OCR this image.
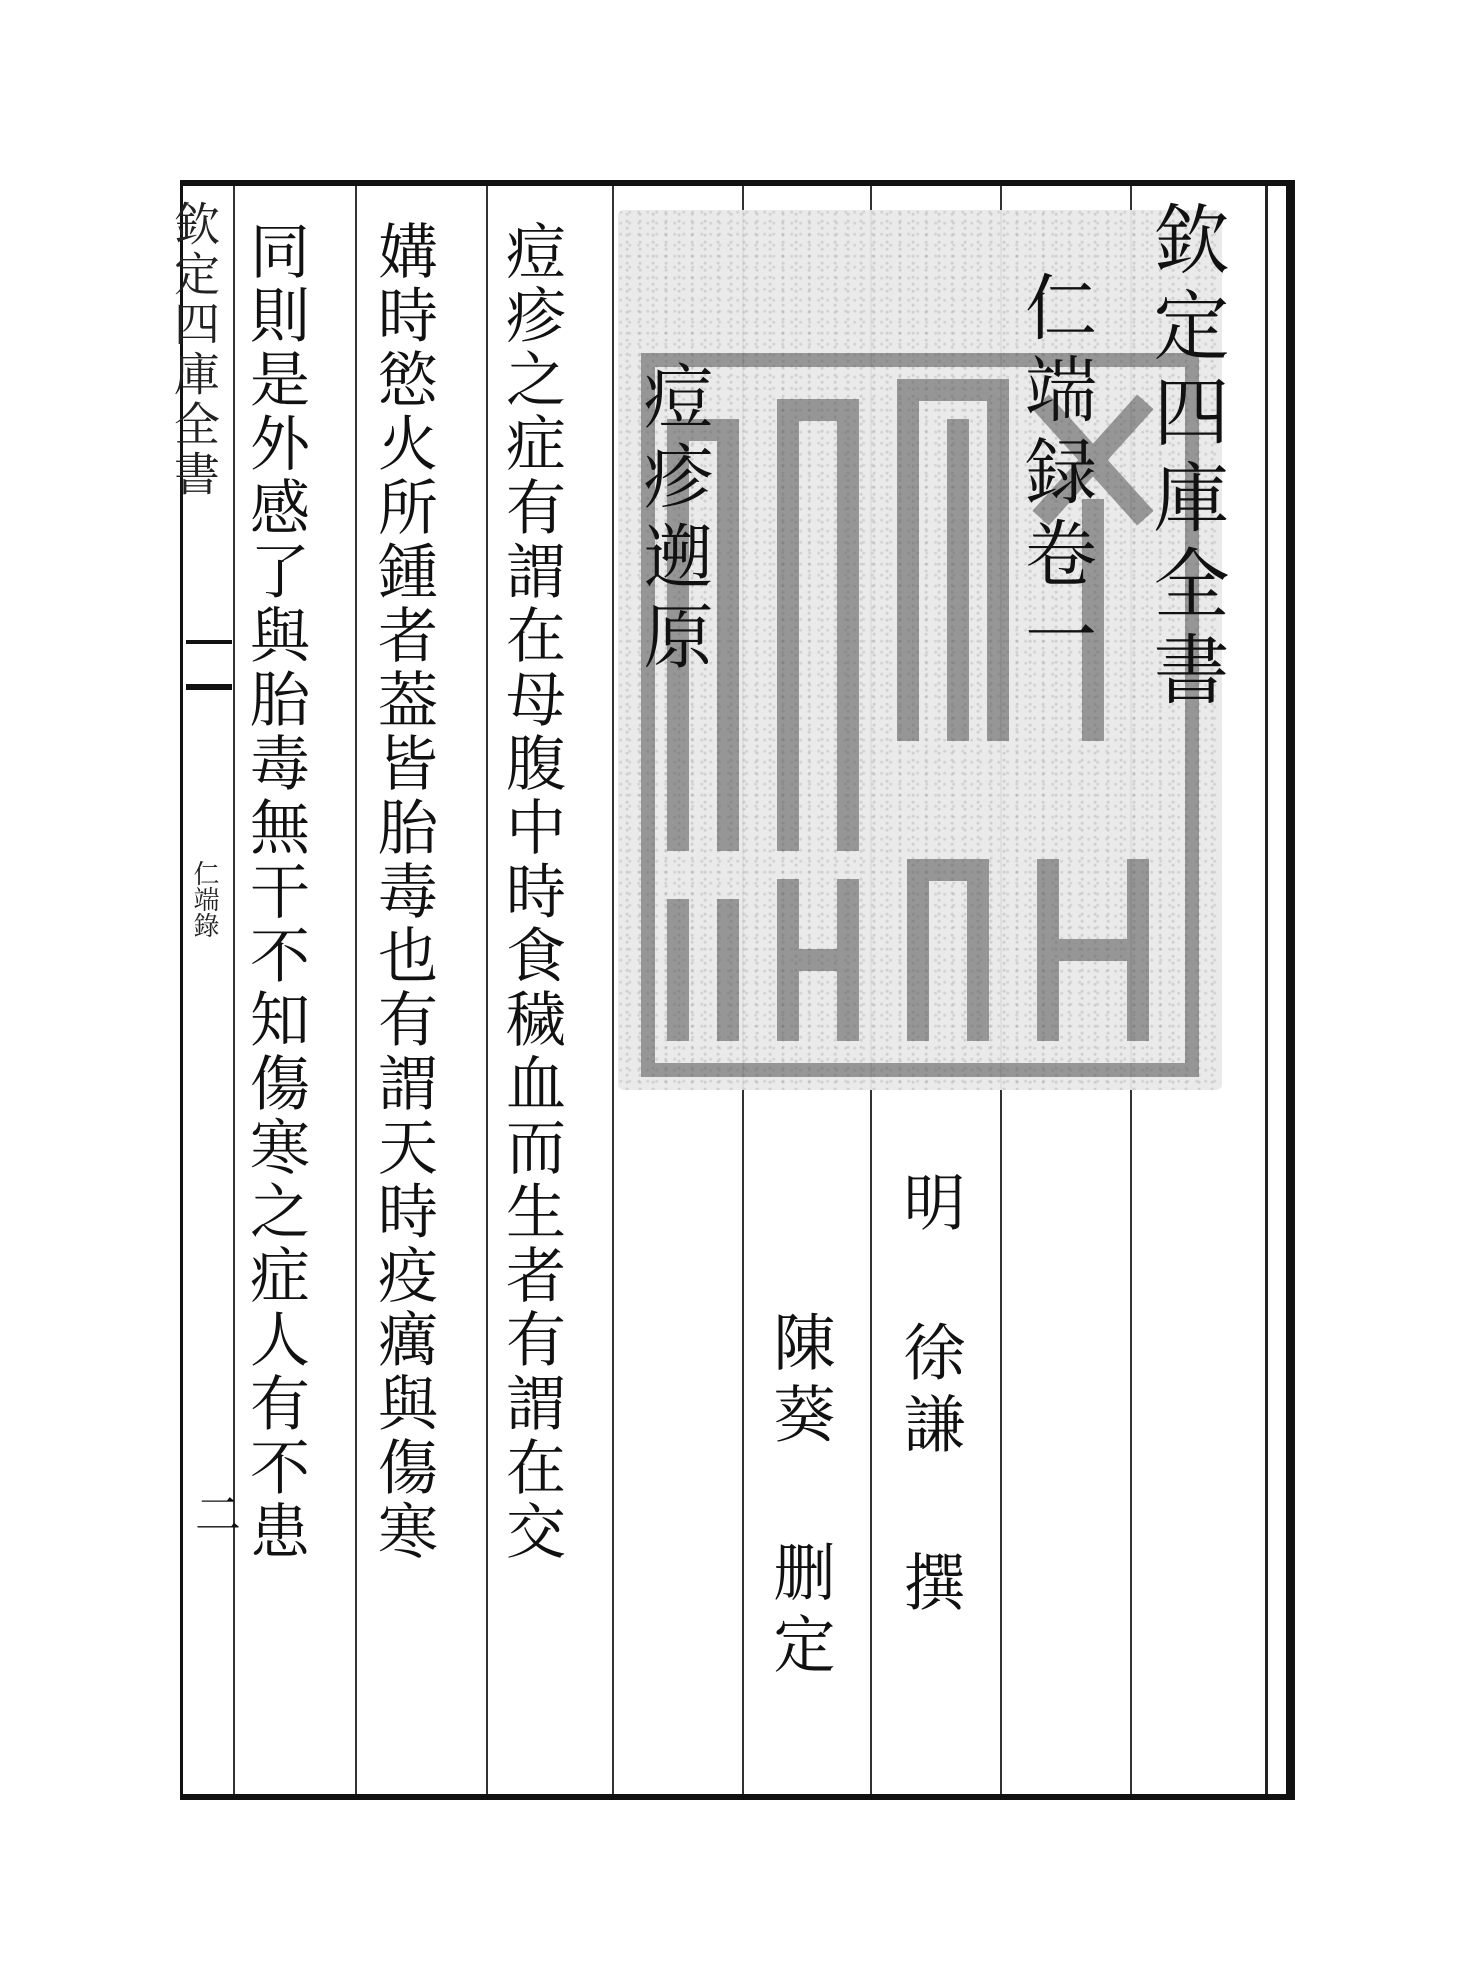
欽定四庫全書
仁端錄
二
欽定四庫全書
仁端録卷一
明
徐謙
撰
陳葵
删定
痘疹遡原
痘疹之症有謂在母腹中時食穢血而生者有謂在交
媾時慾火所鍾者葢皆胎毒也有謂天時疫癘與傷寒
同則是外感了與胎毒無干不知傷寒之症人有不患
